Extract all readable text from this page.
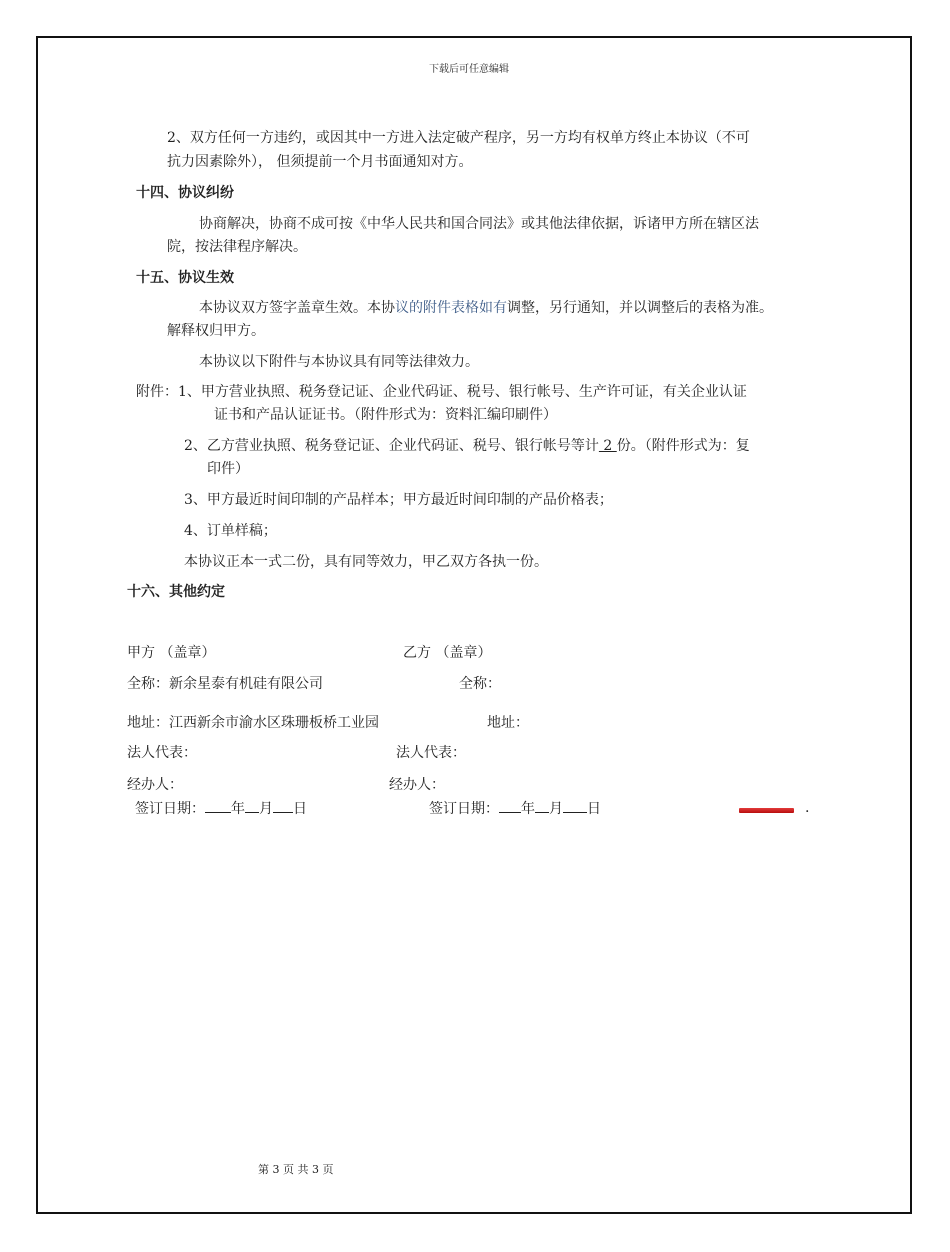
下载后可任意编辑
2、双方任何一方违约，或因其中一方进入法定破产程序，另一方均有权单方终止本协议（不可
抗力因素除外）， 但须提前一个月书面通知对方。
十四、协议纠纷
协商解决，协商不成可按《中华人民共和国合同法》或其他法律依据，诉诸甲方所在辖区法
院，按法律程序解决。
十五、协议生效
本协议双方签字盖章生效。本协议的附件表格如有调整，另行通知，并以调整后的表格为准。
解释权归甲方。
本协议以下附件与本协议具有同等法律效力。
附件：1、甲方营业执照、税务登记证、企业代码证、税号、银行帐号、生产许可证，有关企业认证
证书和产品认证证书。（附件形式为：资料汇编印刷件）
2、乙方营业执照、税务登记证、企业代码证、税号、银行帐号等计 2 份。（附件形式为：复
印件）
3、甲方最近时间印制的产品样本；甲方最近时间印制的产品价格表；
4、订单样稿；
本协议正本一式二份，具有同等效力，甲乙双方各执一份。
十六、其他约定
甲方 （盖章）	乙方 （盖章）
全称：新余星泰有机硅有限公司	全称：
地址：江西新余市渝水区珠珊板桥工业园	地址：
法人代表：	法人代表：
经办人：	经办人：
签订日期： 年 月 日	签订日期： 年 月 日	.
第 3 页 共 3 页
